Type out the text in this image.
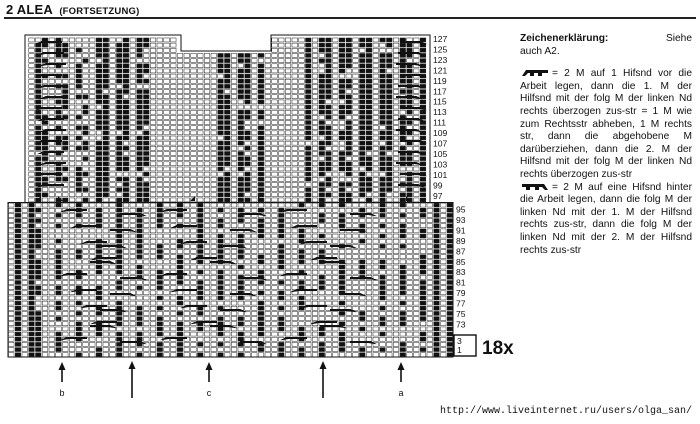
2 ALEA (FORTSETZUNG)
127
125
123
121
119
117
115
113
111
109
107
105
103
101
99
97
95
93
91
89
87
85
83
81
79
77
75
73
3
1 18x
b	c	a
Zeichenerklärung:	Siehe

auch A2.

= 2 M auf 1 Hifsnd vor die Arbeit legen, dann die 1. M der Hilfsnd mit der folg M der linken Nd rechts überzogen zus-str = 1 M wie zum Rechtsstr abheben, 1 M rechts str, dann die abgehobene M darüberziehen, dann die 2. M der Hilfsnd mit der folg M der linken Nd rechts überzogen zus-str

= 2 M auf eine Hifsnd hinter die Arbeit legen, dann die folg M der linken Nd mit der 1. M der Hilfsnd rechts zus-str, dann die folg M der linken Nd mit der 2. M der Hilfsnd rechts zus-str

http://www.liveinternet.ru/users/olga_san/
